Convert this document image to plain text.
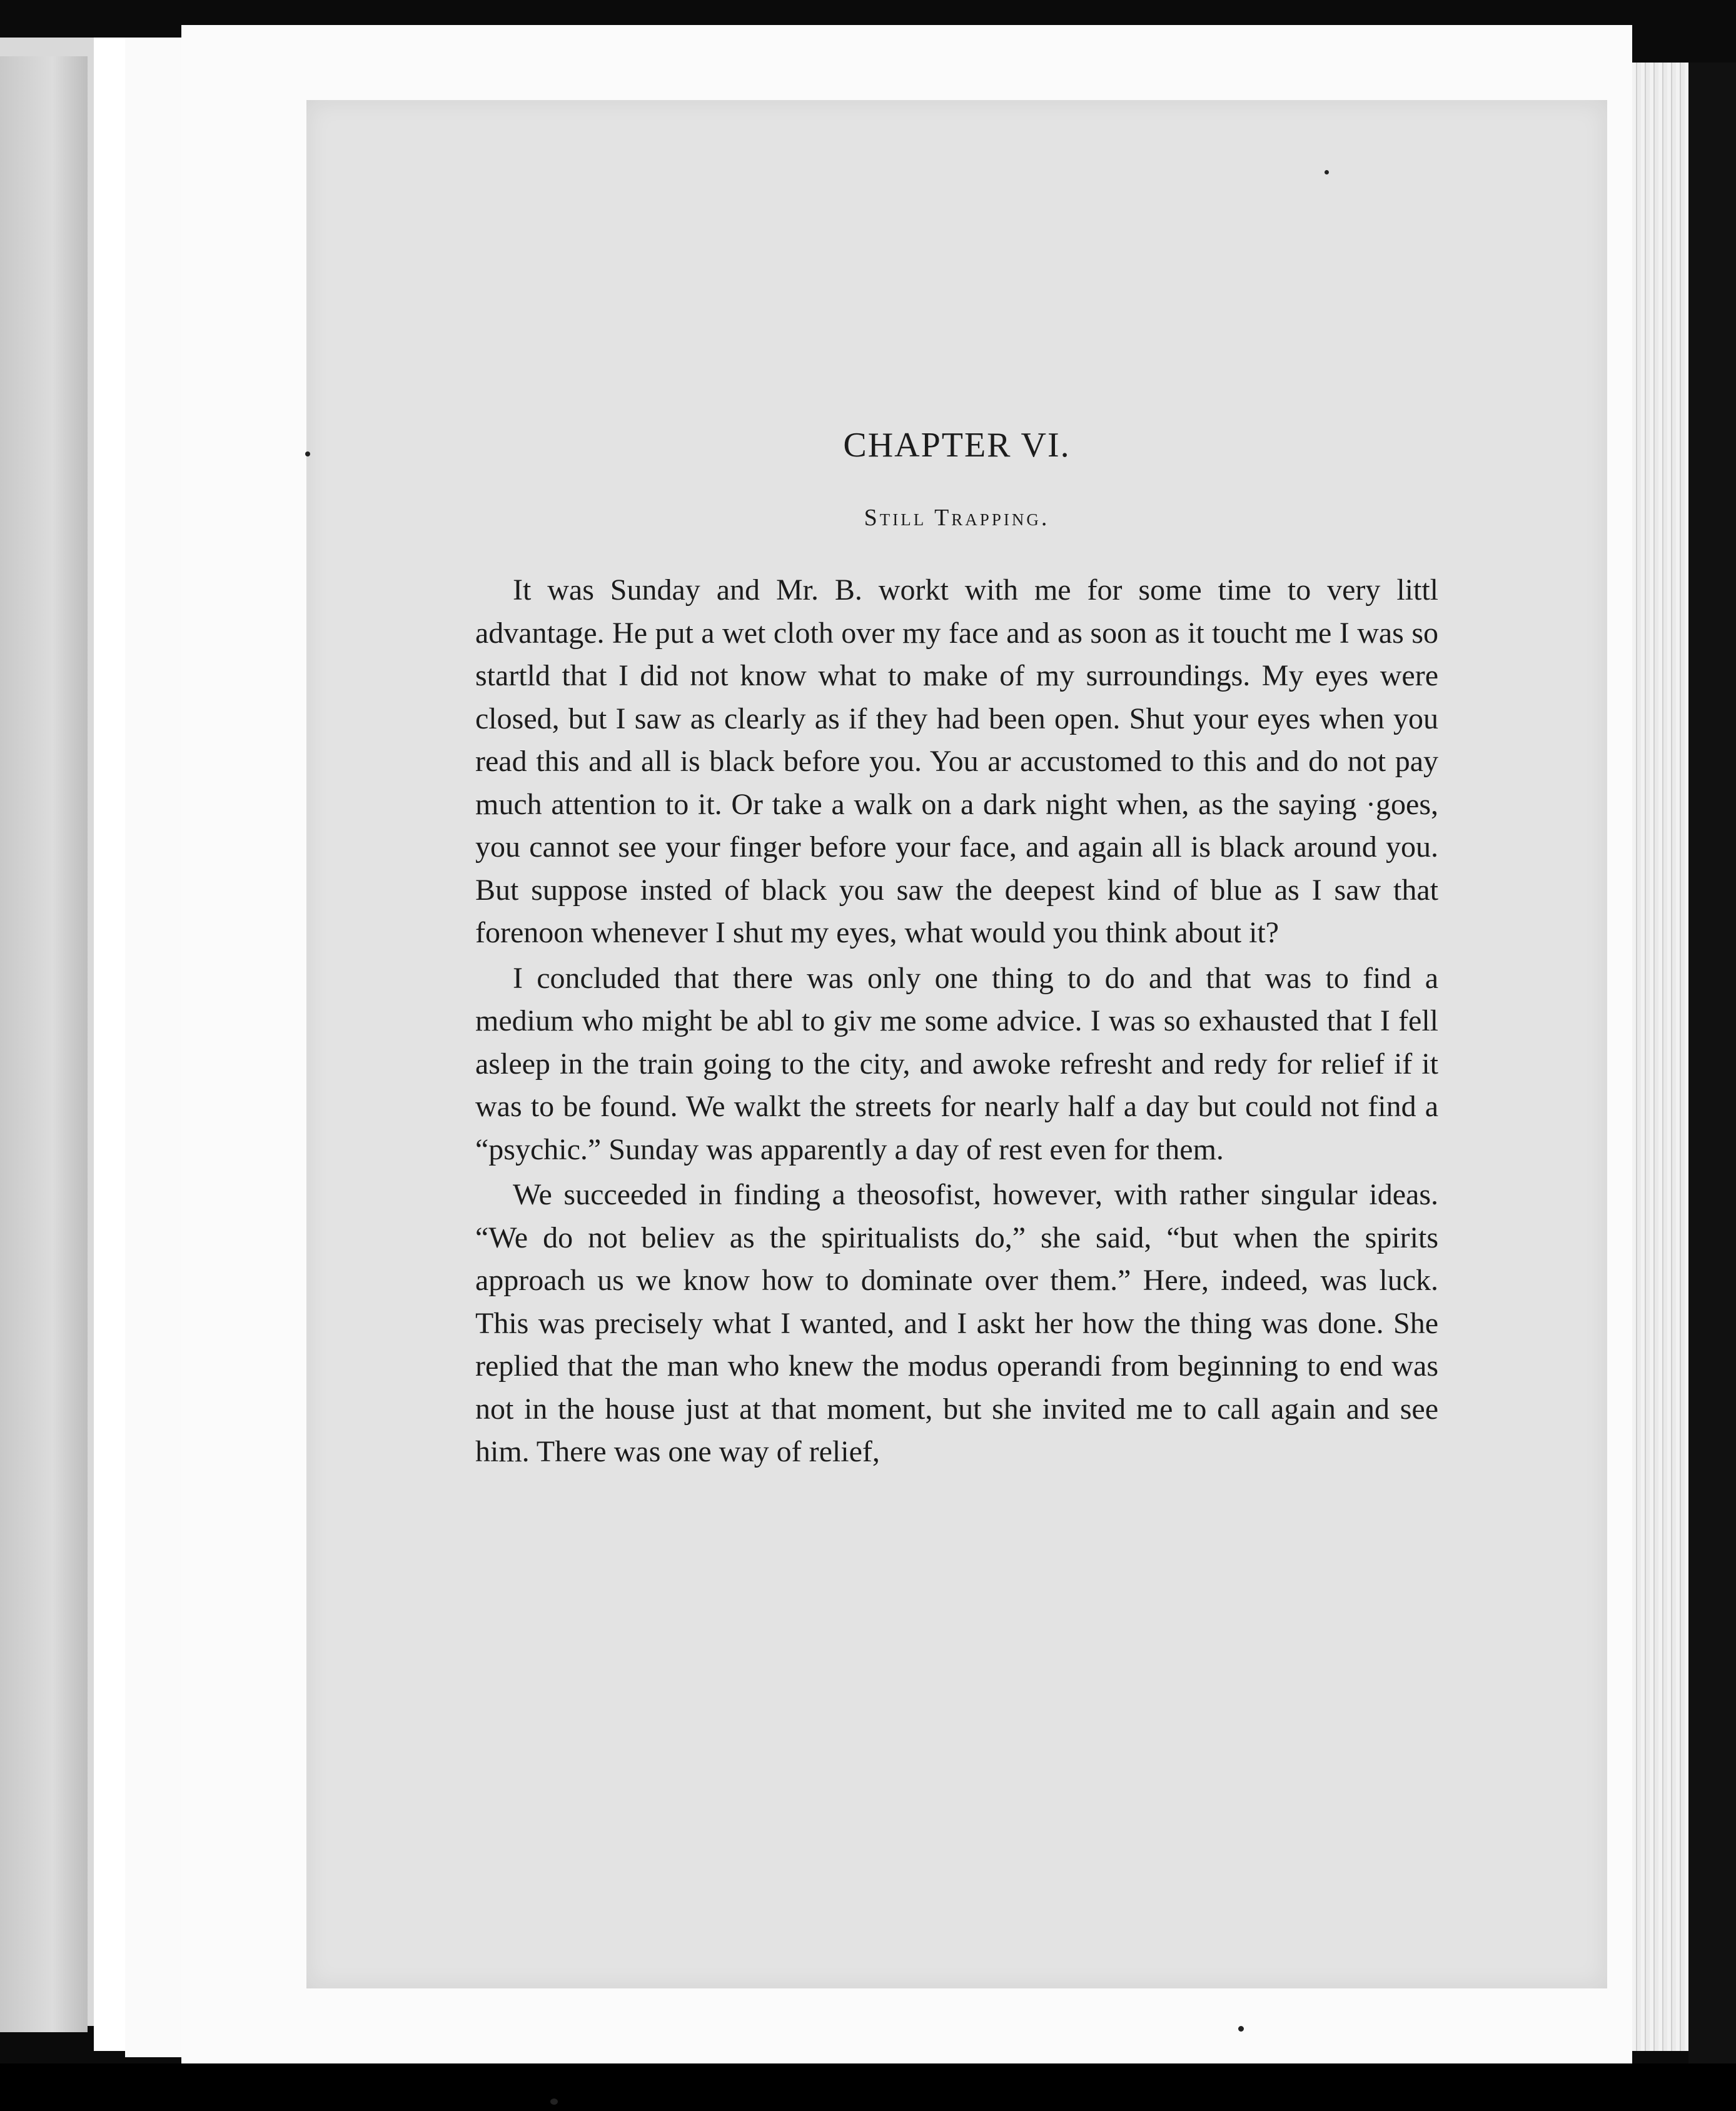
CHAPTER VI.
Still Trapping.

It was Sunday and Mr. B. workt with me for some time to very littl advantage. He put a wet cloth over my face and as soon as it toucht me I was so startld that I did not know what to make of my surroundings. My eyes were closed, but I saw as clearly as if they had been open. Shut your eyes when you read this and all is black before you. You ar accustomed to this and do not pay much attention to it. Or take a walk on a dark night when, as the saying ·goes, you cannot see your finger before your face, and again all is black around you. But suppose insted of black you saw the deepest kind of blue as I saw that forenoon whenever I shut my eyes, what would you think about it?

I concluded that there was only one thing to do and that was to find a medium who might be abl to giv me some advice. I was so exhausted that I fell asleep in the train going to the city, and awoke refresht and redy for relief if it was to be found. We walkt the streets for nearly half a day but could not find a “psychic.” Sunday was apparently a day of rest even for them.

We succeeded in finding a theosofist, however, with rather singular ideas. “We do not believ as the spiritualists do,” she said, “but when the spirits approach us we know how to dominate over them.” Here, indeed, was luck. This was precisely what I wanted, and I askt her how the thing was done. She replied that the man who knew the modus operandi from beginning to end was not in the house just at that moment, but she invited me to call again and see him. There was one way of relief,
